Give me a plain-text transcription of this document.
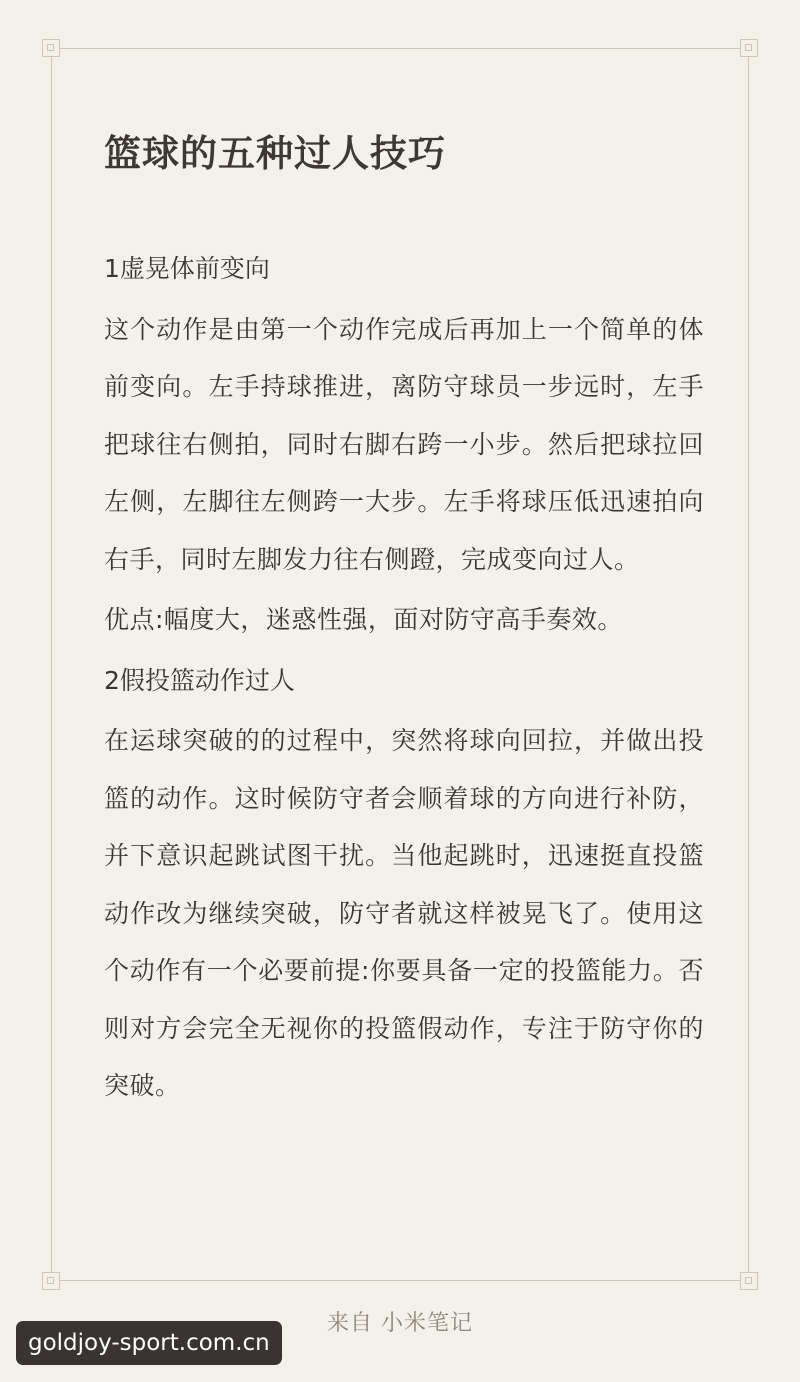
篮球的五种过人技巧

1虚晃体前变向

这个动作是由第一个动作完成后再加上一个简单的体前变向。左手持球推进，离防守球员一步远时，左手把球往右侧拍，同时右脚右跨一小步。然后把球拉回左侧，左脚往左侧跨一大步。左手将球压低迅速拍向右手，同时左脚发力往右侧蹬，完成变向过人。

优点:幅度大，迷惑性强，面对防守高手奏效。

2假投篮动作过人

在运球突破的的过程中，突然将球向回拉，并做出投篮的动作。这时候防守者会顺着球的方向进行补防，并下意识起跳试图干扰。当他起跳时，迅速挺直投篮动作改为继续突破，防守者就这样被晃飞了。使用这个动作有一个必要前提:你要具备一定的投篮能力。否则对方会完全无视你的投篮假动作，专注于防守你的突破。

来自 小米笔记
goldjoy-sport.com.cn
